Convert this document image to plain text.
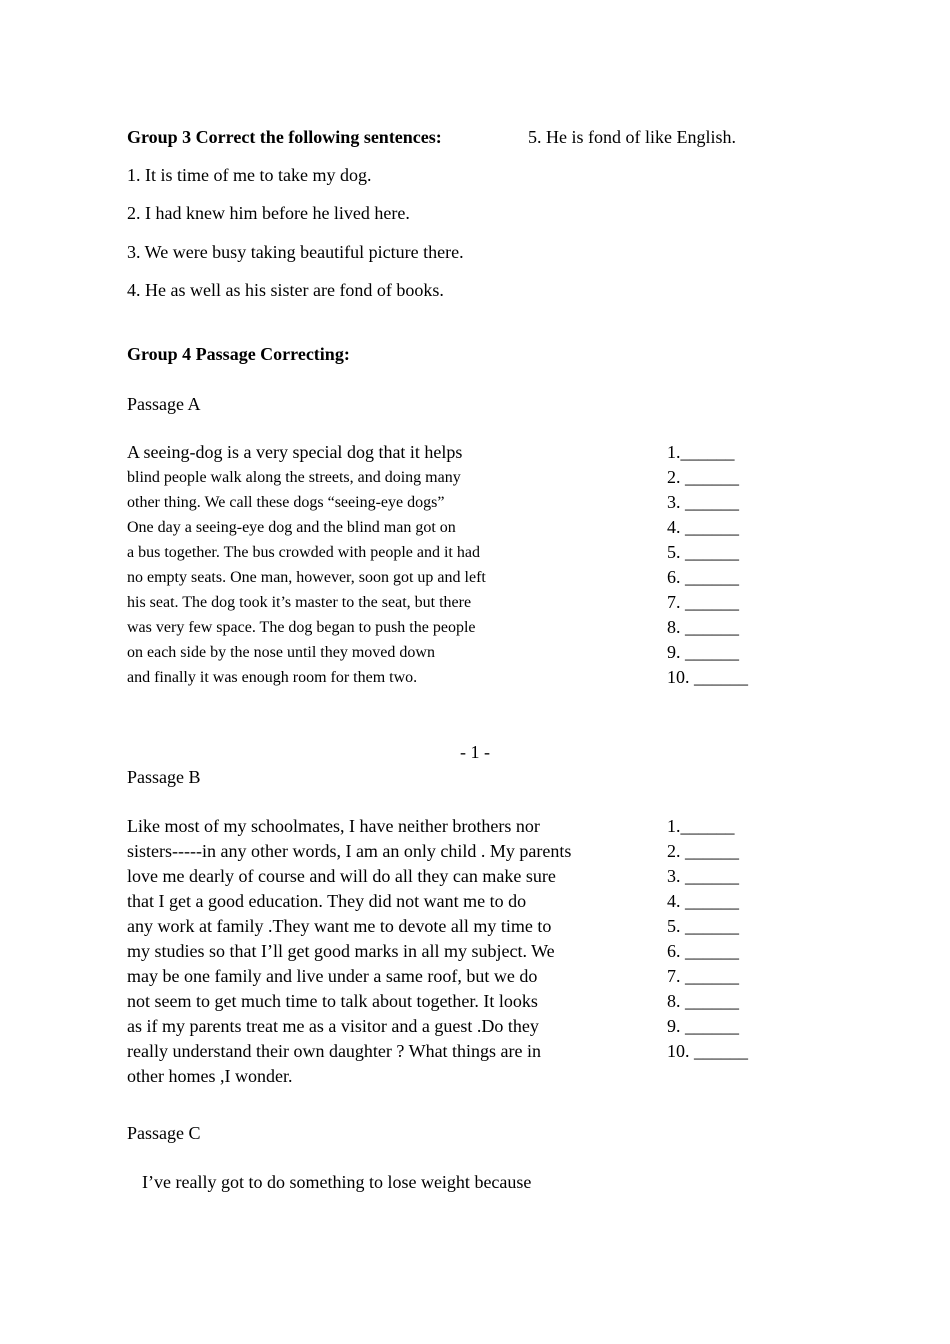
Group 3 Correct the following sentences:	5. He is fond of like English.
1. It is time of me to take my dog.
2. I had knew him before he lived here.
3. We were busy taking beautiful picture there.
4. He as well as his sister are fond of books.
Group 4 Passage Correcting:
Passage A
A seeing-dog is a very special dog that it helps
blind people walk along the streets, and doing many
other thing. We call these dogs “seeing-eye dogs”
One day a seeing-eye dog and the blind man got on
a bus together. The bus crowded with people and it had
no empty seats. One man, however, soon got up and left
his seat. The dog took it’s master to the seat, but there
was very few space. The dog began to push the people
on each side by the nose until they moved down
and finally it was enough room for them two.
1.______
2. ______
3. ______
4. ______
5. ______
6. ______
7. ______
8. ______
9. ______
10. ______
- 1 -
Passage B
Like most of my schoolmates, I have neither brothers nor
sisters-----in any other words, I am an only child . My parents
love me dearly of course and will do all they can make sure
that I get a good education. They did not want me to do
any work at family .They want me to devote all my time to
my studies so that I’ll get good marks in all my subject. We
may be one family and live under a same roof, but we do
not seem to get much time to talk about together. It looks
as if my parents treat me as a visitor and a guest .Do they
really understand their own daughter ? What things are in
other homes ,I wonder.
1.______
2. ______
3. ______
4. ______
5. ______
6. ______
7. ______
8. ______
9. ______
10. ______
Passage C
I’ve really got to do something to lose weight because
